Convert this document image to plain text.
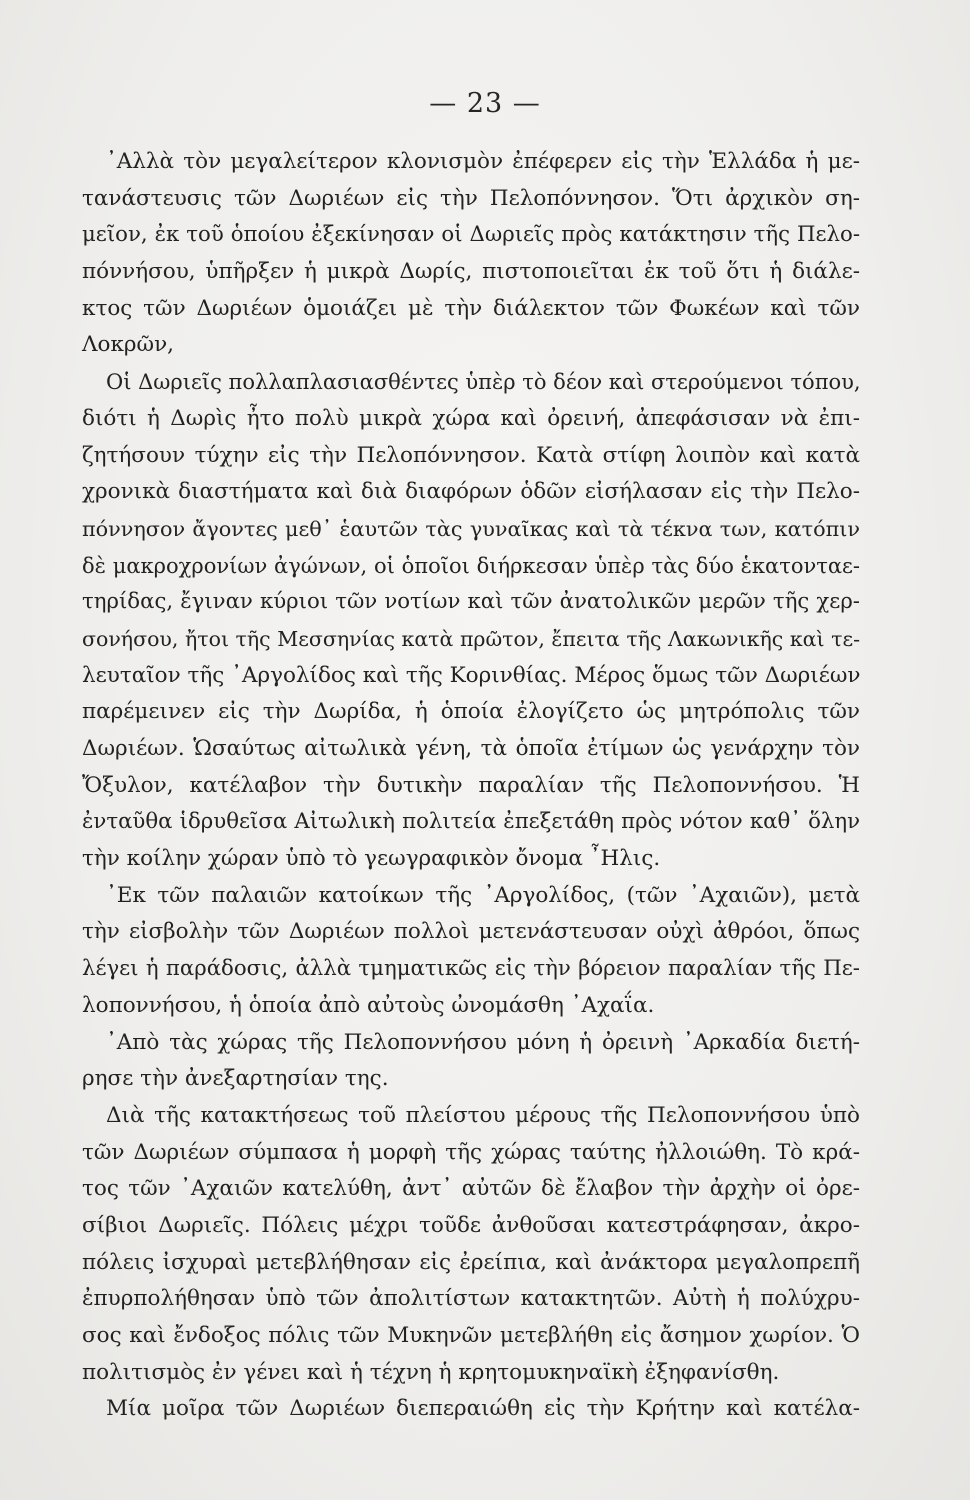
— 23 —
᾿Αλλὰ τὸν μεγαλείτερον κλονισμὸν ἐπέφερεν εἰς τὴν Ἑλλάδα ἡ με-
τανάστευσις τῶν Δωριέων εἰς τὴν Πελοπόννησον. Ὅτι ἀρχικὸν ση-
μεῖον, ἐκ τοῦ ὁποίου ἐξεκίνησαν οἱ Δωριεῖς πρὸς κατάκτησιν τῆς Πελο-
πόννήσου, ὑπῆρξεν ἡ μικρὰ Δωρίς, πιστοποιεῖται ἐκ τοῦ ὅτι ἡ διάλε-
κτος τῶν Δωριέων ὁμοιάζει μὲ τὴν διάλεκτον τῶν Φωκέων καὶ τῶν
Λοκρῶν,
Οἱ Δωριεῖς πολλαπλασιασθέντες ὑπὲρ τὸ δέον καὶ στερούμενοι τόπου,
διότι ἡ Δωρὶς ἦτο πολὺ μικρὰ χώρα καὶ ὀρεινή, ἀπεφάσισαν νὰ ἐπι-
ζητήσουν τύχην εἰς τὴν Πελοπόννησον. Κατὰ στίφη λοιπὸν καὶ κατὰ
χρονικὰ διαστήματα καὶ διὰ διαφόρων ὁδῶν εἰσήλασαν εἰς τὴν Πελο-
πόννησον ἄγοντες μεθ᾿ ἑαυτῶν τὰς γυναῖκας καὶ τὰ τέκνα των, κατόπιν
δὲ μακροχρονίων ἀγώνων, οἱ ὁποῖοι διήρκεσαν ὑπὲρ τὰς δύο ἑκατονταε-
τηρίδας, ἔγιναν κύριοι τῶν νοτίων καὶ τῶν ἀνατολικῶν μερῶν τῆς χερ-
σονήσου, ἤτοι τῆς Μεσσηνίας κατὰ πρῶτον, ἔπειτα τῆς Λακωνικῆς καὶ τε-
λευταῖον τῆς ᾿Αργολίδος καὶ τῆς Κορινθίας. Μέρος ὅμως τῶν Δωριέων
παρέμεινεν εἰς τὴν Δωρίδα, ἡ ὁποία ἐλογίζετο ὡς μητρόπολις τῶν
Δωριέων. Ὡσαύτως αἰτωλικὰ γένη, τὰ ὁποῖα ἐτίμων ὡς γενάρχην τὸν
Ὄξυλον, κατέλαβον τὴν δυτικὴν παραλίαν τῆς Πελοποννήσου. Ἡ
ἐνταῦθα ἱδρυθεῖσα Αἰτωλικὴ πολιτεία ἐπεξετάθη πρὸς νότον καθ᾿ ὅλην
τὴν κοίλην χώραν ὑπὸ τὸ γεωγραφικὸν ὄνομα ῏Ηλις.
᾿Εκ τῶν παλαιῶν κατοίκων τῆς ᾿Αργολίδος, (τῶν ᾿Αχαιῶν), μετὰ
τὴν εἰσβολὴν τῶν Δωριέων πολλοὶ μετενάστευσαν οὐχὶ ἀθρόοι, ὅπως
λέγει ἡ παράδοσις, ἀλλὰ τμηματικῶς εἰς τὴν βόρειον παραλίαν τῆς Πε-
λοποννήσου, ἡ ὁποία ἀπὸ αὐτοὺς ὠνομάσθη ᾿Αχαΐα.
᾿Απὸ τὰς χώρας τῆς Πελοποννήσου μόνη ἡ ὀρεινὴ ᾿Αρκαδία διετή-
ρησε τὴν ἀνεξαρτησίαν της.
Διὰ τῆς κατακτήσεως τοῦ πλείστου μέρους τῆς Πελοποννήσου ὑπὸ
τῶν Δωριέων σύμπασα ἡ μορφὴ τῆς χώρας ταύτης ἠλλοιώθη. Τὸ κρά-
τος τῶν ᾿Αχαιῶν κατελύθη, ἀντ᾿ αὐτῶν δὲ ἔλαβον τὴν ἀρχὴν οἱ ὀρε-
σίβιοι Δωριεῖς. Πόλεις μέχρι τοῦδε ἀνθοῦσαι κατεστράφησαν, ἀκρο-
πόλεις ἰσχυραὶ μετεβλήθησαν εἰς ἐρείπια, καὶ ἀνάκτορα μεγαλοπρεπῆ
ἐπυρπολήθησαν ὑπὸ τῶν ἀπολιτίστων κατακτητῶν. Αὐτὴ ἡ πολύχρυ-
σος καὶ ἔνδοξος πόλις τῶν Μυκηνῶν μετεβλήθη εἰς ἄσημον χωρίον. Ὁ
πολιτισμὸς ἐν γένει καὶ ἡ τέχνη ἡ κρητομυκηναϊκὴ ἐξηφανίσθη.
Μία μοῖρα τῶν Δωριέων διεπεραιώθη εἰς τὴν Κρήτην καὶ κατέλα-
